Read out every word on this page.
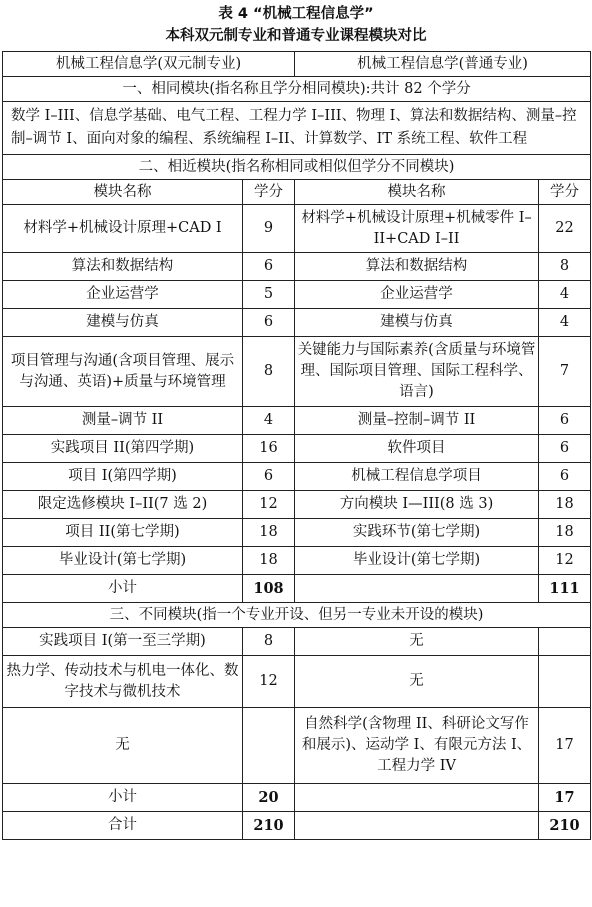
表 4 “机械工程信息学”
本科双元制专业和普通专业课程模块对比
机械工程信息学(双元制专业)		机械工程信息学(普通专业)	
一、相同模块(指名称且学分相同模块):共计 82 个学分			
数学 I–III、信息学基础、电气工程、工程力学 I–III、物理 I、算法和数据结构、测量–控制–调节 I、面向对象的编程、系统编程 I–II、计算数学、IT 系统工程、软件工程			
二、相近模块(指名称相同或相似但学分不同模块)			
模块名称	学分	模块名称	学分
材料学+机械设计原理+CAD I	9	材料学+机械设计原理+机械零件 I–II+CAD I–II	22
算法和数据结构	6	算法和数据结构	8
企业运营学	5	企业运营学	4
建模与仿真	6	建模与仿真	4
项目管理与沟通(含项目管理、展示与沟通、英语)+质量与环境管理	8	关键能力与国际素养(含质量与环境管理、国际项目管理、国际工程科学、语言)	7
测量–调节 II	4	测量–控制–调节 II	6
实践项目 II(第四学期)	16	软件项目	6
项目 I(第四学期)	6	机械工程信息学项目	6
限定选修模块 I–II(7 选 2)	12	方向模块 I—III(8 选 3)	18
项目 II(第七学期)	18	实践环节(第七学期)	18
毕业设计(第七学期)	18	毕业设计(第七学期)	12
小计	108		111
三、不同模块(指一个专业开设、但另一专业未开设的模块)			
实践项目 I(第一至三学期)	8	无	
热力学、传动技术与机电一体化、数字技术与微机技术	12	无	
无		自然科学(含物理 II、科研论文写作和展示)、运动学 I、有限元方法 I、工程力学 IV	17
小计	20		17
合计	210		210
